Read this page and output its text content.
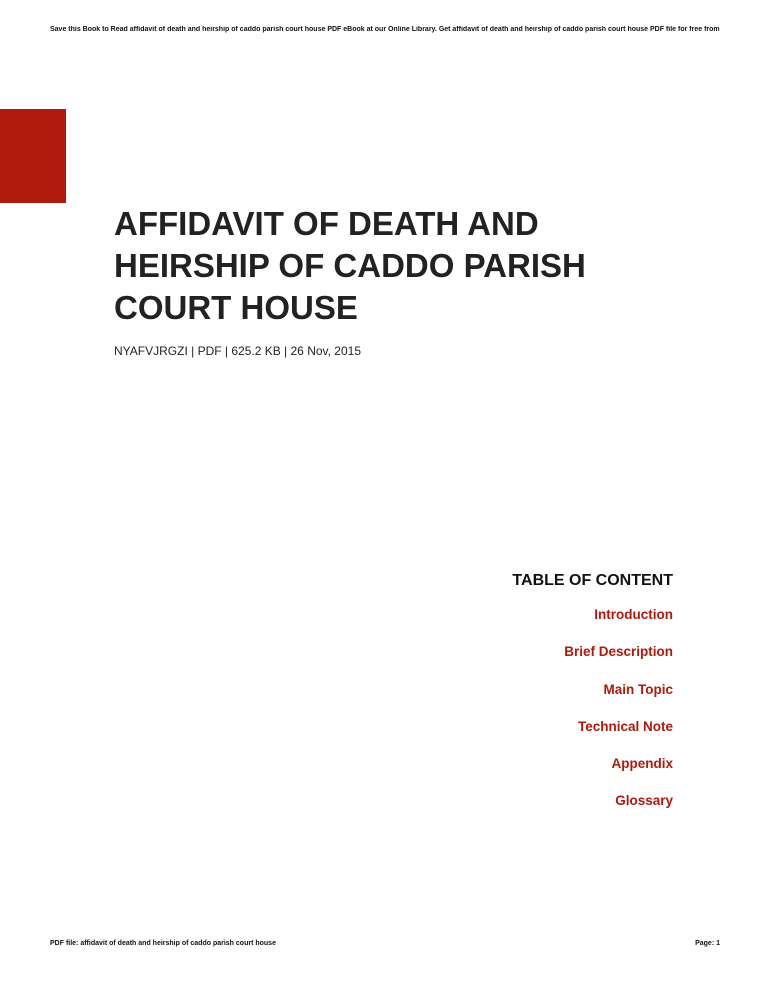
Save this Book to Read affidavit of death and heirship of caddo parish court house PDF eBook at our Online Library. Get affidavit of death and heirship of caddo parish court house PDF file for free from
AFFIDAVIT OF DEATH AND HEIRSHIP OF CADDO PARISH COURT HOUSE
NYAFVJRGZI | PDF | 625.2 KB | 26 Nov, 2015
TABLE OF CONTENT
Introduction
Brief Description
Main Topic
Technical Note
Appendix
Glossary
PDF file: affidavit of death and heirship of caddo parish court house	Page: 1
